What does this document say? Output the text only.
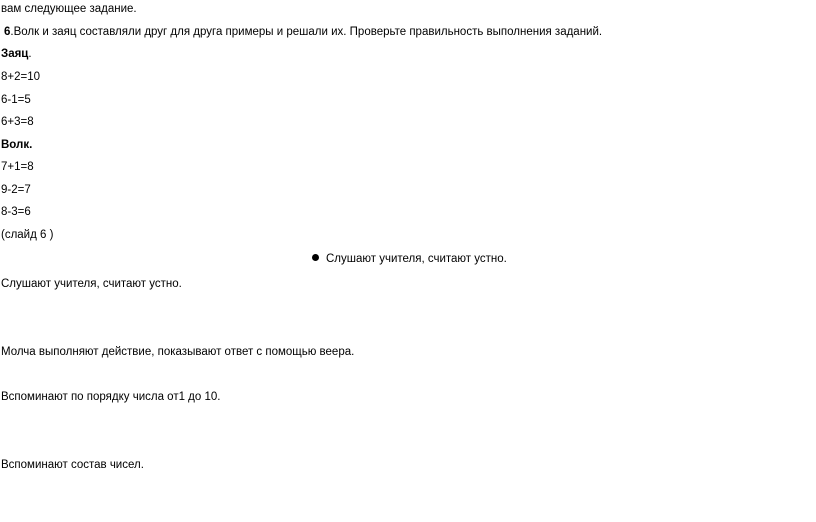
вам следующее задание.
6.Волк и заяц составляли друг для друга примеры и решали их. Проверьте правильность выполнения заданий.
Заяц.
8+2=10
6-1=5
6+3=8
Волк.
7+1=8
9-2=7
8-3=6
(слайд 6 )
Слушают учителя, считают устно.
Слушают учителя, считают устно.
Молча выполняют действие, показывают ответ с помощью веера.
Вспоминают по порядку числа от1 до 10.
Вспоминают состав чисел.
